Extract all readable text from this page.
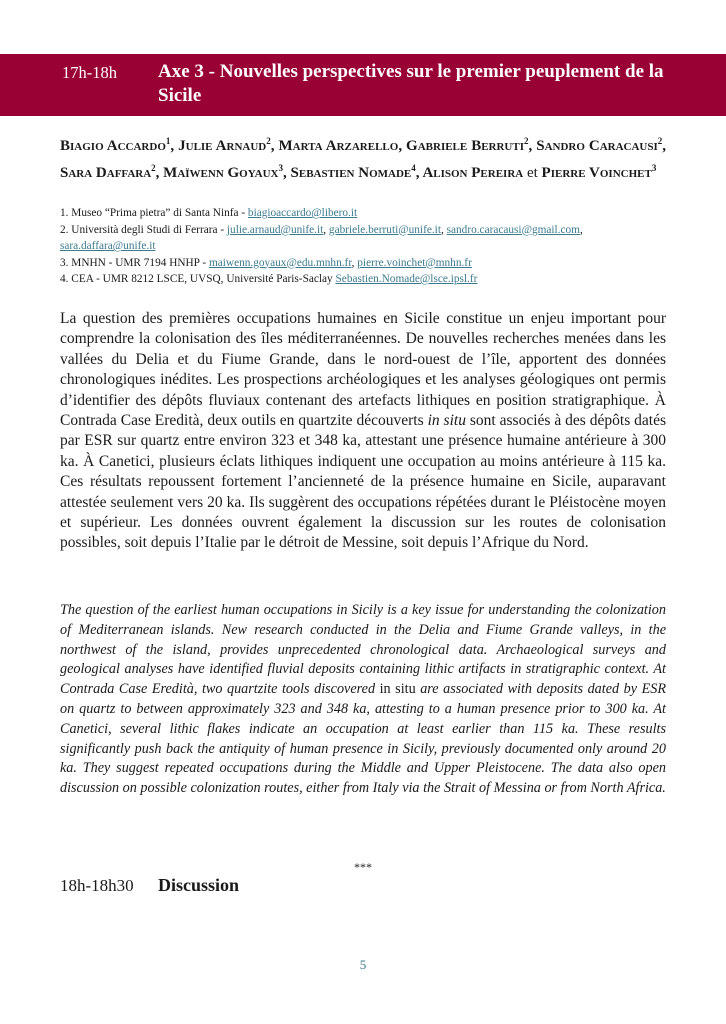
17h-18h Axe 3 - Nouvelles perspectives sur le premier peuplement de la Sicile
Biagio Accardo$^1$, Julie Arnaud$^2$, Marta Arzarello, Gabriele Berruti$^2$, Sandro Caracausi$^2$, Sara Daffara$^2$, Maïwenn Goyaux$^3$, Sebastien Nomade$^4$, Alison Pereira et Pierre Voinchet$^3$
1. Museo “Prima pietra” di Santa Ninfa - biagioaccardo@libero.it
2. Università degli Studi di Ferrara - julie.arnaud@unife.it, gabriele.berruti@unife.it, sandro.caracausi@gmail.com, sara.daffara@unife.it
3. MNHN - UMR 7194 HNHP - maiwenn.goyaux@edu.mnhn.fr, pierre.voinchet@mnhn.fr
4. CEA - UMR 8212 LSCE, UVSQ, Université Paris-Saclay Sebastien.Nomade@lsce.ipsl.fr
La question des premières occupations humaines en Sicile constitue un enjeu important pour comprendre la colonisation des îles méditerranéennes. De nouvelles recherches menées dans les vallées du Delia et du Fiume Grande, dans le nord-ouest de l’île, apportent des données chronologiques inédites. Les prospections archéologiques et les analyses géologiques ont permis d’identifier des dépôts fluviaux contenant des artefacts lithiques en position stratigraphique. À Contrada Case Eredità, deux outils en quartzite découverts in situ sont associés à des dépôts datés par ESR sur quartz entre environ 323 et 348 ka, attestant une présence humaine antérieure à 300 ka. À Canetici, plusieurs éclats lithiques indiquent une occupation au moins antérieure à 115 ka. Ces résultats repoussent fortement l’ancienneté de la présence humaine en Sicile, auparavant attestée seulement vers 20 ka. Ils suggèrent des occupations répétées durant le Pléistocène moyen et supérieur. Les données ouvrent également la discussion sur les routes de colonisation possibles, soit depuis l’Italie par le détroit de Messine, soit depuis l’Afrique du Nord.
The question of the earliest human occupations in Sicily is a key issue for understanding the colonization of Mediterranean islands. New research conducted in the Delia and Fiume Grande valleys, in the northwest of the island, provides unprecedented chronological data. Archaeological surveys and geological analyses have identified fluvial deposits containing lithic artifacts in stratigraphic context. At Contrada Case Eredità, two quartzite tools discovered in situ are associated with deposits dated by ESR on quartz to between approximately 323 and 348 ka, attesting to a human presence prior to 300 ka. At Canetici, several lithic flakes indicate an occupation at least earlier than 115 ka. These results significantly push back the antiquity of human presence in Sicily, previously documented only around 20 ka. They suggest repeated occupations during the Middle and Upper Pleistocene. The data also open discussion on possible colonization routes, either from Italy via the Strait of Messina or from North Africa.
***
18h-18h30 Discussion
5
